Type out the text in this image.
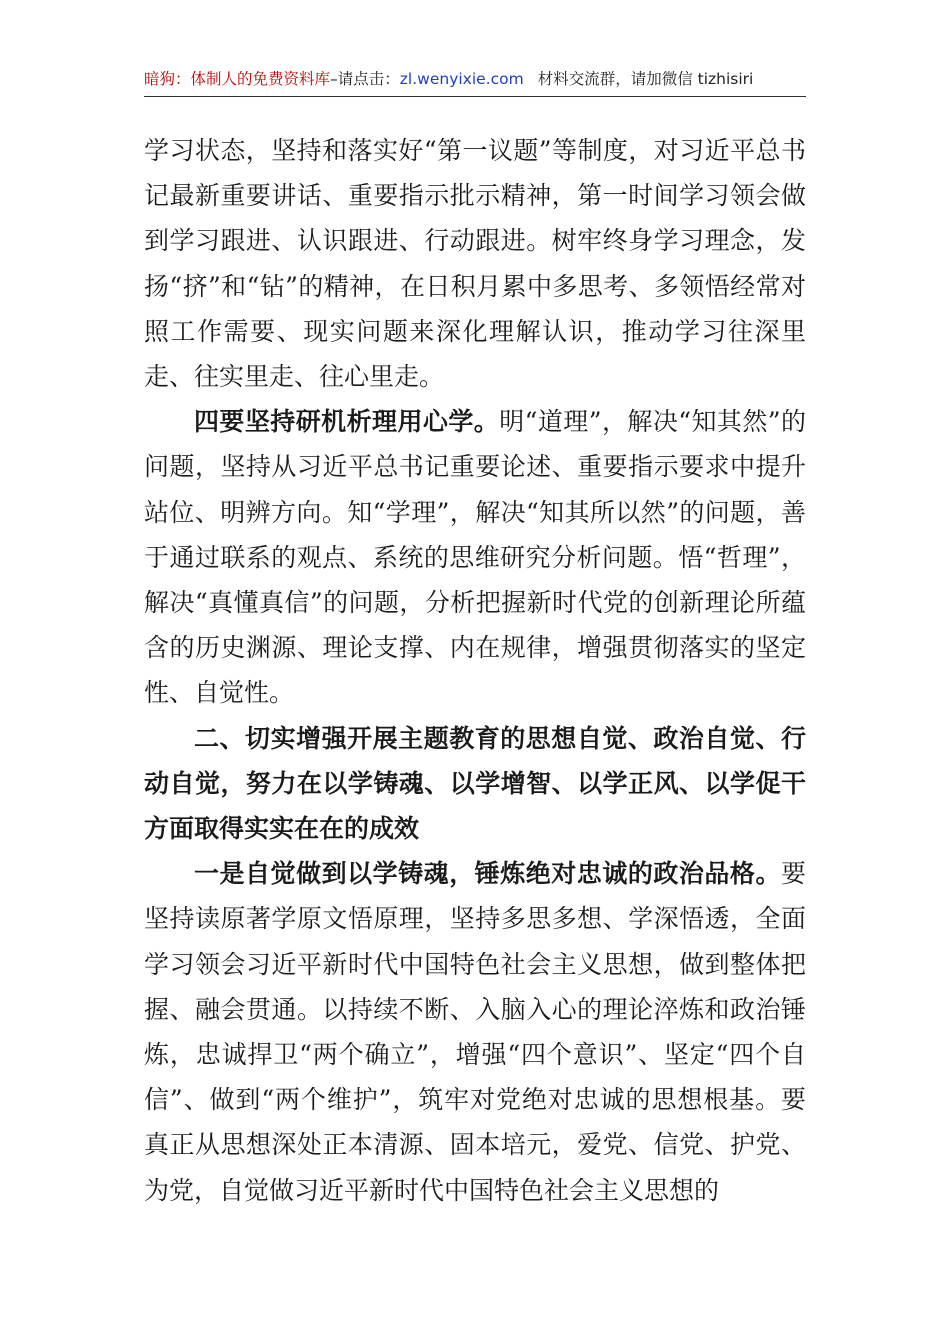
暗狗：体制人的免费资料库–请点击：zl.wenyixie.com 材料交流群，请加微信 tizhisiri

学习状态，坚持和落实好“第一议题”等制度，对习近平总书记最新重要讲话、重要指示批示精神，第一时间学习领会做到学习跟进、认识跟进、行动跟进。树牢终身学习理念，发扬“挤”和“钻”的精神，在日积月累中多思考、多领悟经常对照工作需要、现实问题来深化理解认识，推动学习往深里走、往实里走、往心里走。

四要坚持研机析理用心学。明“道理”，解决“知其然”的问题，坚持从习近平总书记重要论述、重要指示要求中提升站位、明辨方向。知“学理”，解决“知其所以然”的问题，善于通过联系的观点、系统的思维研究分析问题。悟“哲理”，解决“真懂真信”的问题，分析把握新时代党的创新理论所蕴含的历史渊源、理论支撑、内在规律，增强贯彻落实的坚定性、自觉性。

二、切实增强开展主题教育的思想自觉、政治自觉、行动自觉，努力在以学铸魂、以学增智、以学正风、以学促干方面取得实实在在的成效

一是自觉做到以学铸魂，锤炼绝对忠诚的政治品格。要坚持读原著学原文悟原理，坚持多思多想、学深悟透，全面学习领会习近平新时代中国特色社会主义思想，做到整体把握、融会贯通。以持续不断、入脑入心的理论淬炼和政治锤炼，忠诚捍卫“两个确立”，增强“四个意识”、坚定“四个自信”、做到“两个维护”，筑牢对党绝对忠诚的思想根基。要真正从思想深处正本清源、固本培元，爱党、信党、护党、为党，自觉做习近平新时代中国特色社会主义思想的
